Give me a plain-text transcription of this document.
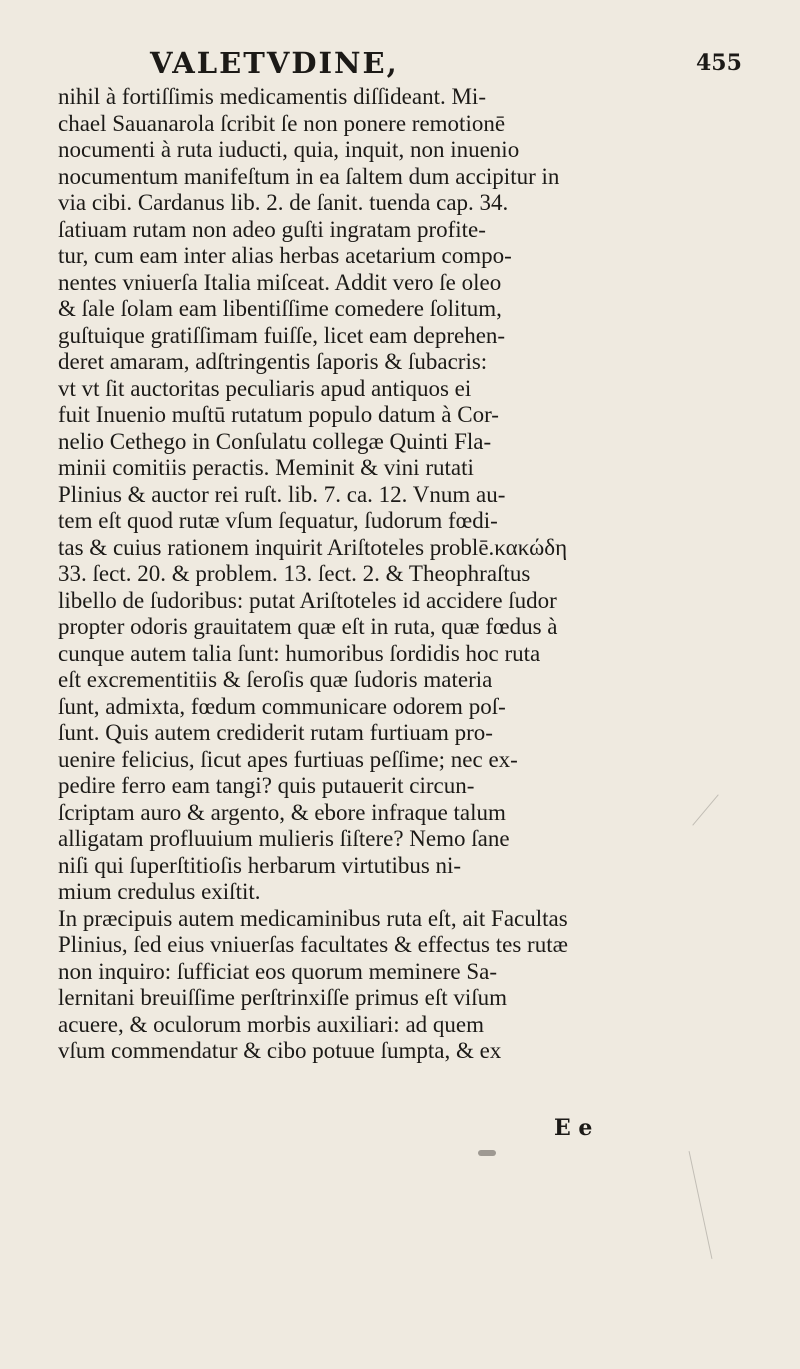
VALETVDINE,	455
nihil à fortiſſimis medicamentis diſſideant. Mi-
chael Sauanarola ſcribit ſe non ponere remotionē
nocumenti à ruta iuducti, quia, inquit, non inuenio
nocumentum manifeſtum in ea ſaltem dum accipitur in
via cibi. Cardanus lib. 2. de ſanit. tuenda cap. 34.
ſatiuam rutam non adeo guſti ingratam profite-
tur, cum eam inter alias herbas acetarium compo-
nentes vniuerſa Italia miſceat. Addit vero ſe oleo
& ſale ſolam eam libentiſſime comedere ſolitum,
guſtuique gratiſſimam fuiſſe, licet eam deprehen-
deret amaram, adſtringentis ſaporis & ſubacris:
vt vt ſit auctoritas peculiaris apud antiquos ei
fuit Inuenio muſtū rutatum populo datum à Cor-
nelio Cethego in Conſulatu collegæ Quinti Fla-
minii comitiis peractis. Meminit & vini rutati
Plinius & auctor rei ruſt. lib. 7. ca. 12. Vnum au-
tem eſt quod rutæ vſum ſequatur, ſudorum fœdi-
tas & cuius rationem inquirit Ariſtoteles problē.κακώδη
33. ſect. 20. & problem. 13. ſect. 2. & Theophraſtus
libello de ſudoribus: putat Ariſtoteles id accidere ſudor
propter odoris grauitatem quæ eſt in ruta, quæ fœdus à
cunque autem talia ſunt: humoribus ſordidis hoc ruta
eſt excrementitiis & ſeroſis quæ ſudoris materia
ſunt, admixta, fœdum communicare odorem poſ-
ſunt. Quis autem crediderit rutam furtiuam pro-
uenire felicius, ſicut apes furtiuas peſſime; nec ex-
pedire ferro eam tangi? quis putauerit circun-
ſcriptam auro & argento, & ebore infraque talum
alligatam profluuium mulieris ſiſtere? Nemo ſane
niſi qui ſuperſtitioſis herbarum virtutibus ni-
mium credulus exiſtit.
In præcipuis autem medicaminibus ruta eſt, ait Facultas
Plinius, ſed eius vniuerſas facultates & effectus tes rutæ
non inquiro: ſufficiat eos quorum meminere Sa-
lernitani breuiſſime perſtrinxiſſe primus eſt viſum
acuere, & oculorum morbis auxiliari: ad quem
vſum commendatur & cibo potuue ſumpta, & ex
E e
